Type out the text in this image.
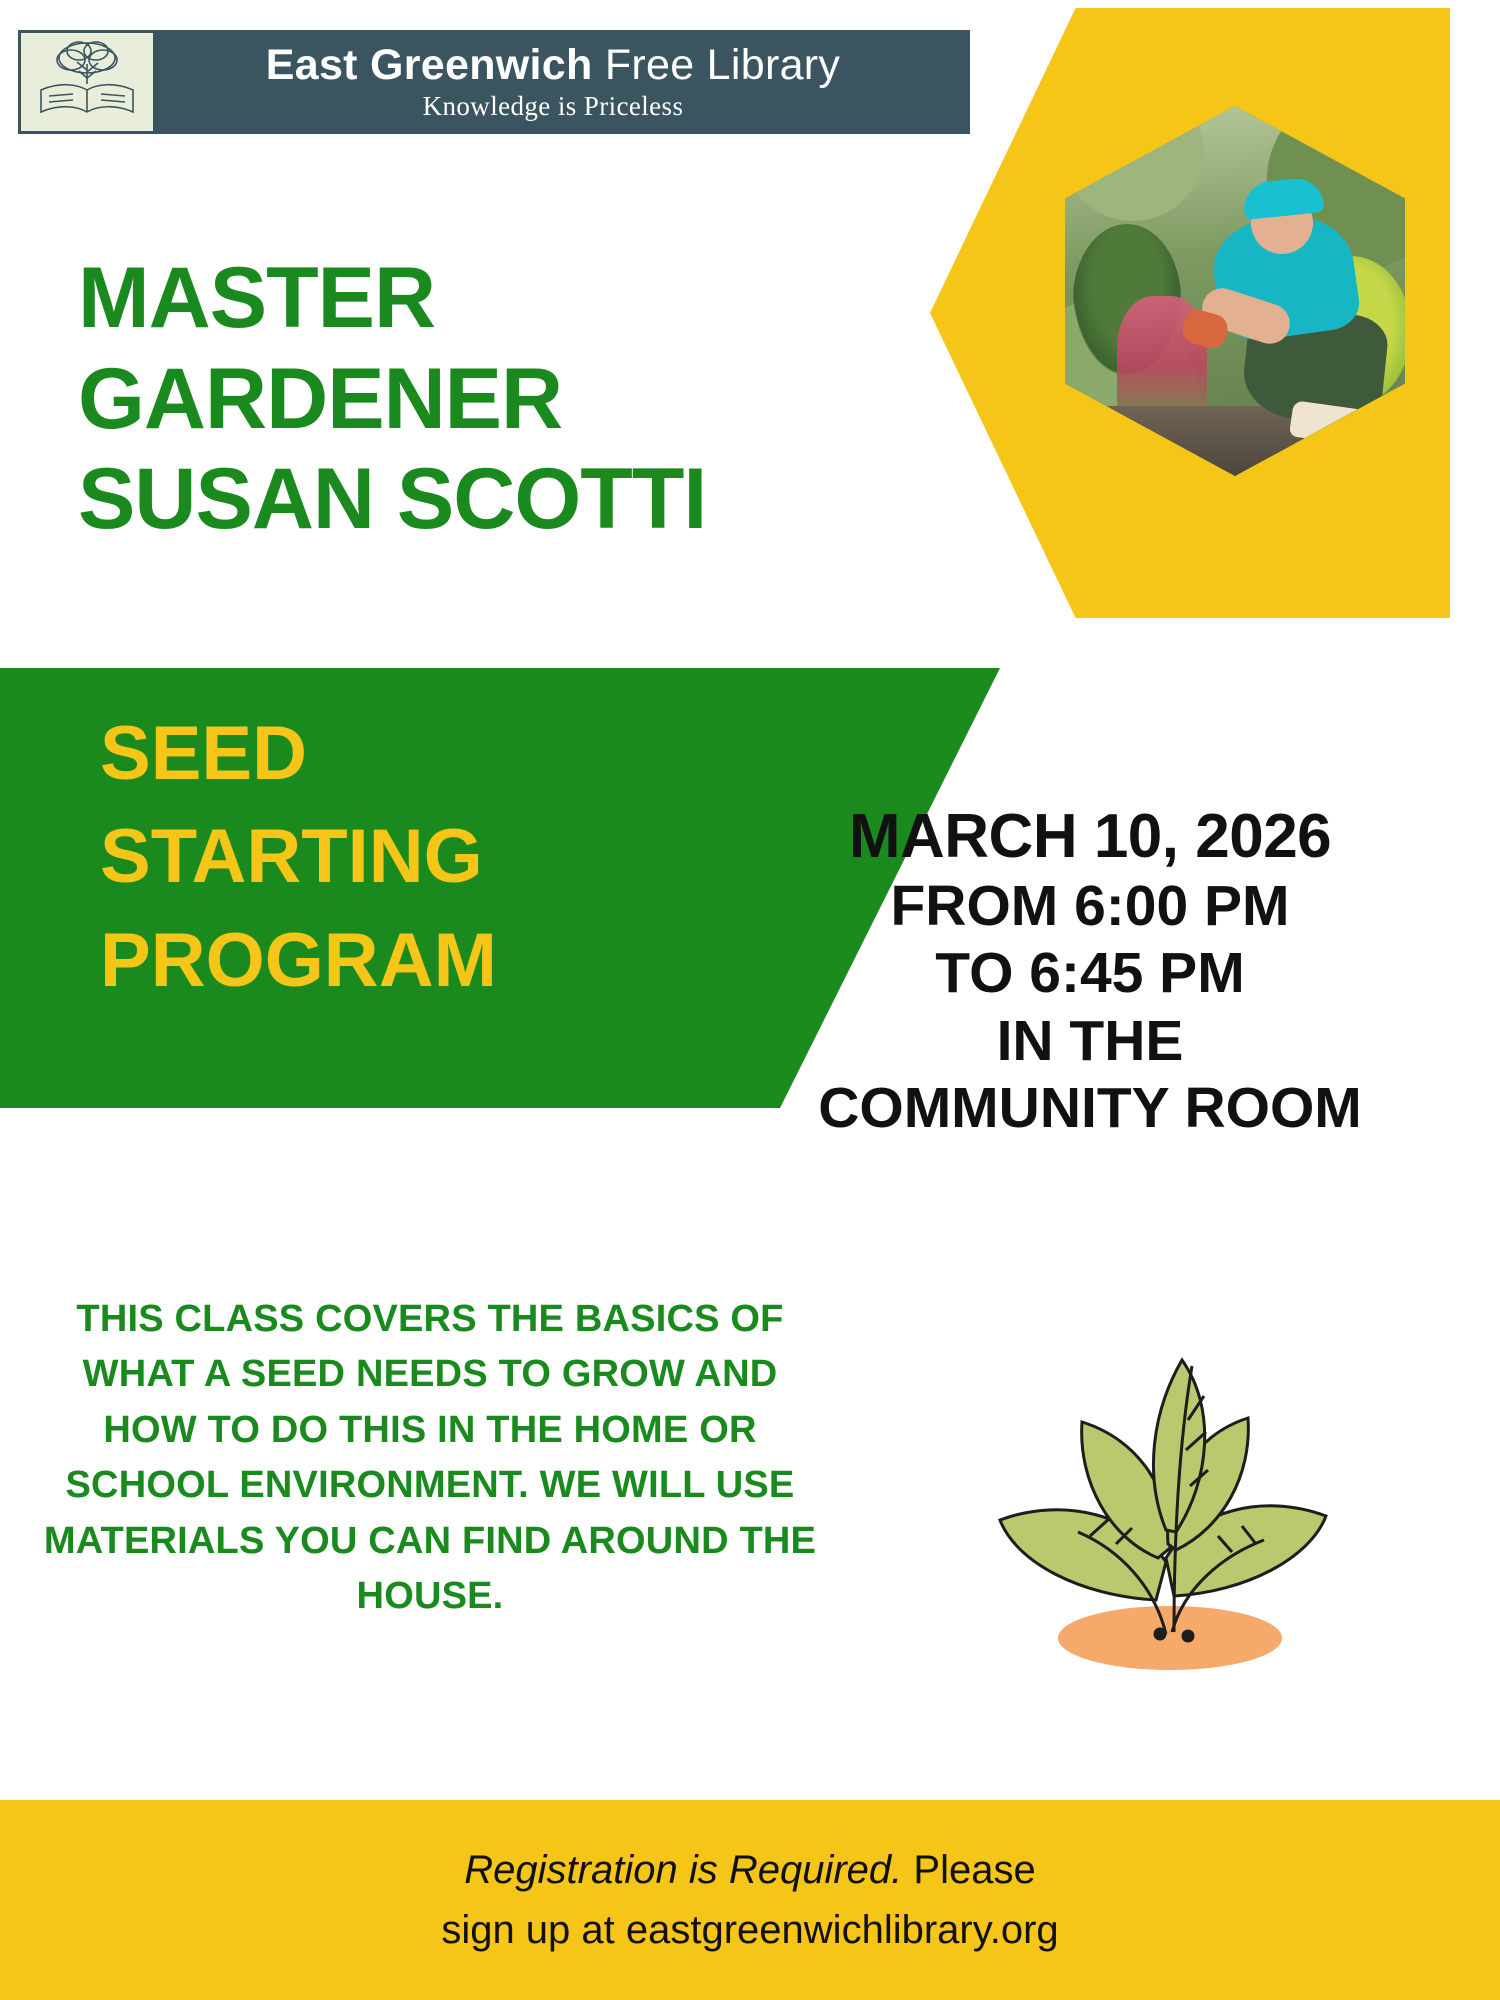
East Greenwich Free Library
Knowledge is Priceless
MASTER
GARDENER
SUSAN SCOTTI
SEED
STARTING
PROGRAM
MARCH 10, 2026
FROM 6:00 PM
TO 6:45 PM
IN THE
COMMUNITY ROOM
THIS CLASS COVERS THE BASICS OF WHAT A SEED NEEDS TO GROW AND HOW TO DO THIS IN THE HOME OR SCHOOL ENVIRONMENT. WE WILL USE MATERIALS YOU CAN FIND AROUND THE HOUSE.
Registration is Required. Please
sign up at eastgreenwichlibrary.org
